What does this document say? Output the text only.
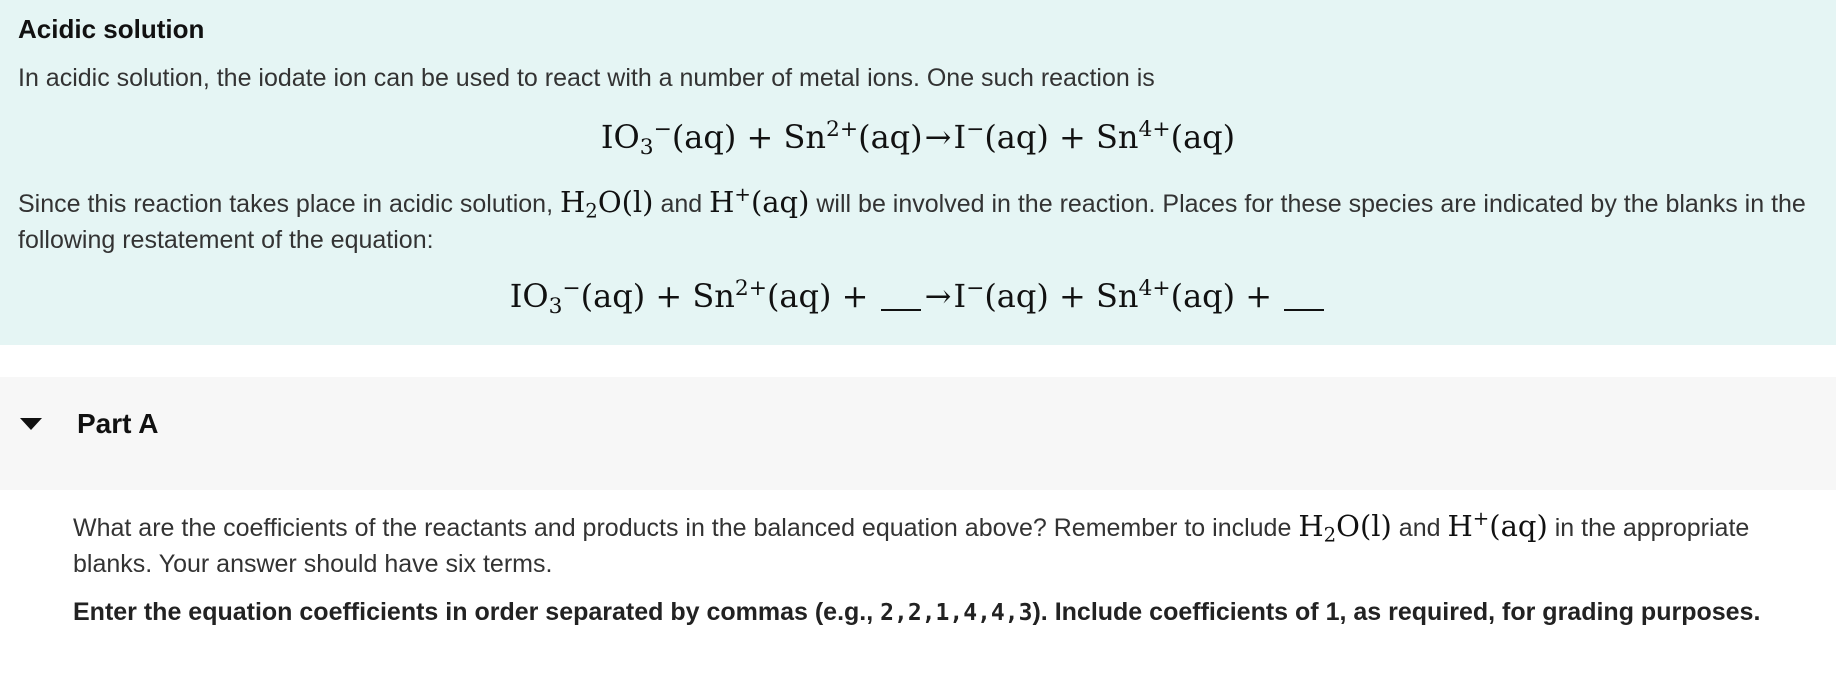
Acidic solution
In acidic solution, the iodate ion can be used to react with a number of metal ions. One such reaction is
$IO_3^-(aq) + Sn^{2+}(aq)\to I^-(aq) + Sn^{4+}(aq)$
Since this reaction takes place in acidic solution, $H_2O(l)$ and H+(aq) will be involved in the reaction. Places for these species are indicated by the blanks in the following restatement of the equation:
$IO_3^-(aq) + Sn^{2+}(aq) + \to I^-(aq) + Sn^{4+}(aq)$ +
Part A
What are the coefficients of the reactants and products in the balanced equation above? Remember to include $H_2O(l)$ and H+(aq) in the appropriate blanks. Your answer should have six terms.
Enter the equation coefficients in order separated by commas (e.g., 2,2,1,4,4,3). Include coefficients of 1, as required, for grading purposes.
